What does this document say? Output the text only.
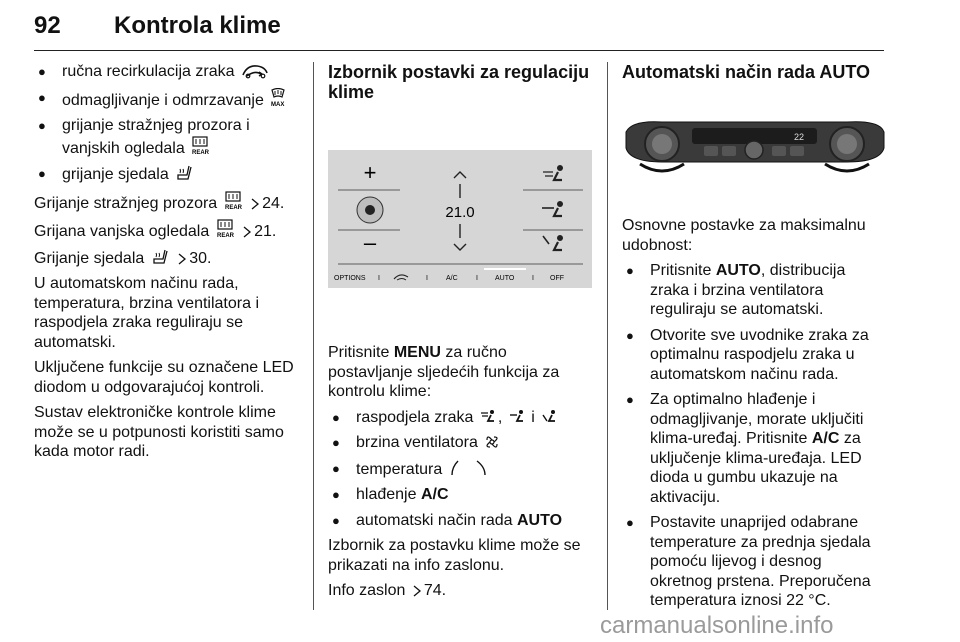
92 Kontrola klime
● ručna recirkulacija zraka
● odmagljivanje i odmrzavanje MAX
● grijanje stražnjeg prozora i vanjskih ogledala REAR
● grijanje sjedala

Grijanje stražnjeg prozora REAR 24.

Grijana vanjska ogledala REAR 21.

Grijanje sjedala	30.

U automatskom načinu rada, temperatura, brzina ventilatora i raspodjela zraka reguliraju se automatski.

Uključene funkcije su označene LED diodom u odgovarajućoj kontroli.

Sustav elektroničke kontrole klime može se u potpunosti koristiti samo kada motor radi.

Izbornik postavki za regulaciju klime
+
–
21.0
OPTIONS I	I	A/C	I AUTO	I OFF

Pritisnite MENU za ručno postavljanje sljedećih funkcija za kontrolu klime:

● raspodjela zraka , i
● brzina ventilatora
● temperatura
● hlađenje A/C
● automatski način rada AUTO

Izbornik za postavku klime može se prikazati na info zaslonu.

Info zaslon 74.

Automatski način rada AUTO
22

Osnovne postavke za maksimalnu udobnost:

● Pritisnite AUTO, distribucija zraka i brzina ventilatora reguliraju se automatski.
● Otvorite sve uvodnike zraka za optimalnu raspodjelu zraka u automatskom načinu rada.
● Za optimalno hlađenje i odmagljivanje, morate uključiti klima-uređaj. Pritisnite A/C za uključenje klima-uređaja. LED dioda u gumbu ukazuje na aktivaciju.
● Postavite unaprijed odabrane temperature za prednja sjedala pomoću lijevog i desnog okretnog prstena. Preporučena temperatura iznosi 22 °C.
carmanualsonline.info
